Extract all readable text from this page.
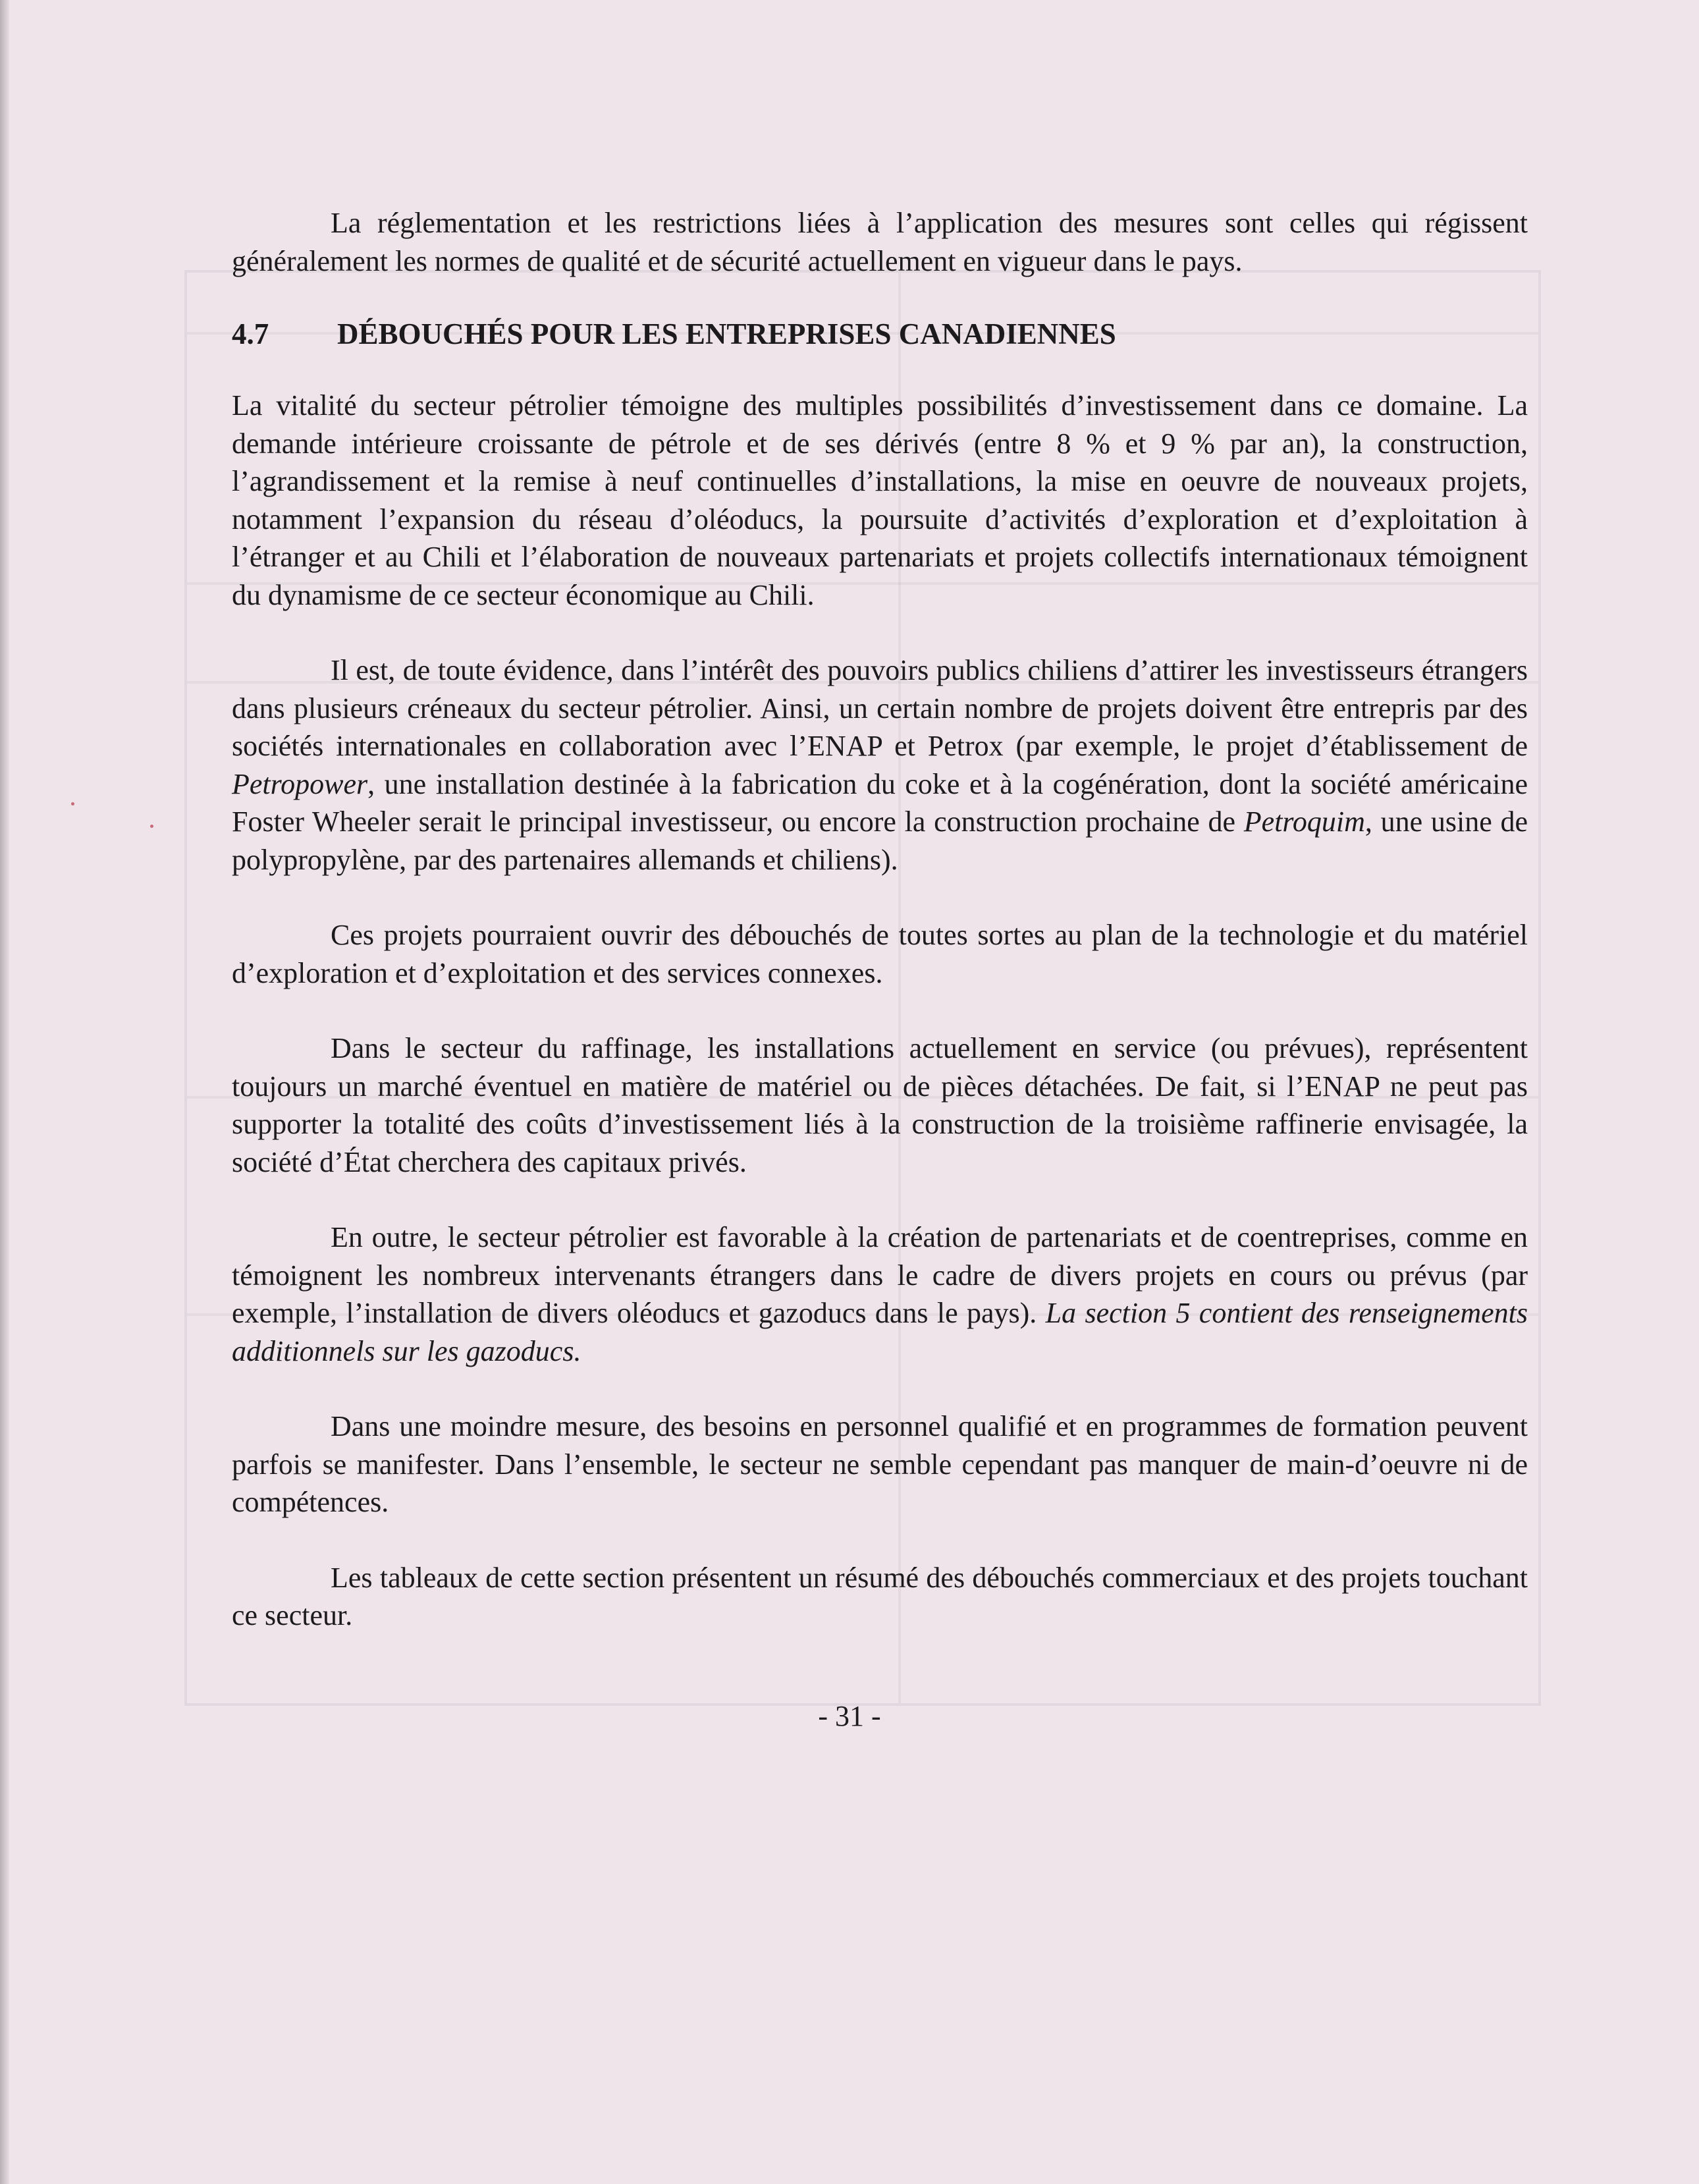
La réglementation et les restrictions liées à l’application des mesures sont celles qui régissent généralement les normes de qualité et de sécurité actuellement en vigueur dans le pays.

4.7	DÉBOUCHÉS POUR LES ENTREPRISES CANADIENNES

La vitalité du secteur pétrolier témoigne des multiples possibilités d’investissement dans ce domaine. La demande intérieure croissante de pétrole et de ses dérivés (entre 8 % et 9 % par an), la construction, l’agrandissement et la remise à neuf continuelles d’installations, la mise en oeuvre de nouveaux projets, notamment l’expansion du réseau d’oléoducs, la poursuite d’activités d’exploration et d’exploitation à l’étranger et au Chili et l’élaboration de nouveaux partenariats et projets collectifs internationaux témoignent du dynamisme de ce secteur économique au Chili.

Il est, de toute évidence, dans l’intérêt des pouvoirs publics chiliens d’attirer les investisseurs étrangers dans plusieurs créneaux du secteur pétrolier. Ainsi, un certain nombre de projets doivent être entrepris par des sociétés internationales en collaboration avec l’ENAP et Petrox (par exemple, le projet d’établissement de Petropower, une installation destinée à la fabrication du coke et à la cogénération, dont la société américaine Foster Wheeler serait le principal investisseur, ou encore la construction prochaine de Petroquim, une usine de polypropylène, par des partenaires allemands et chiliens).

Ces projets pourraient ouvrir des débouchés de toutes sortes au plan de la technologie et du matériel d’exploration et d’exploitation et des services connexes.

Dans le secteur du raffinage, les installations actuellement en service (ou prévues), représentent toujours un marché éventuel en matière de matériel ou de pièces détachées. De fait, si l’ENAP ne peut pas supporter la totalité des coûts d’investissement liés à la construction de la troisième raffinerie envisagée, la société d’État cherchera des capitaux privés.

En outre, le secteur pétrolier est favorable à la création de partenariats et de coentreprises, comme en témoignent les nombreux intervenants étrangers dans le cadre de divers projets en cours ou prévus (par exemple, l’installation de divers oléoducs et gazoducs dans le pays). La section 5 contient des renseignements additionnels sur les gazoducs.

Dans une moindre mesure, des besoins en personnel qualifié et en programmes de formation peuvent parfois se manifester. Dans l’ensemble, le secteur ne semble cependant pas manquer de main-d’oeuvre ni de compétences.

Les tableaux de cette section présentent un résumé des débouchés commerciaux et des projets touchant ce secteur.

- 31 -
